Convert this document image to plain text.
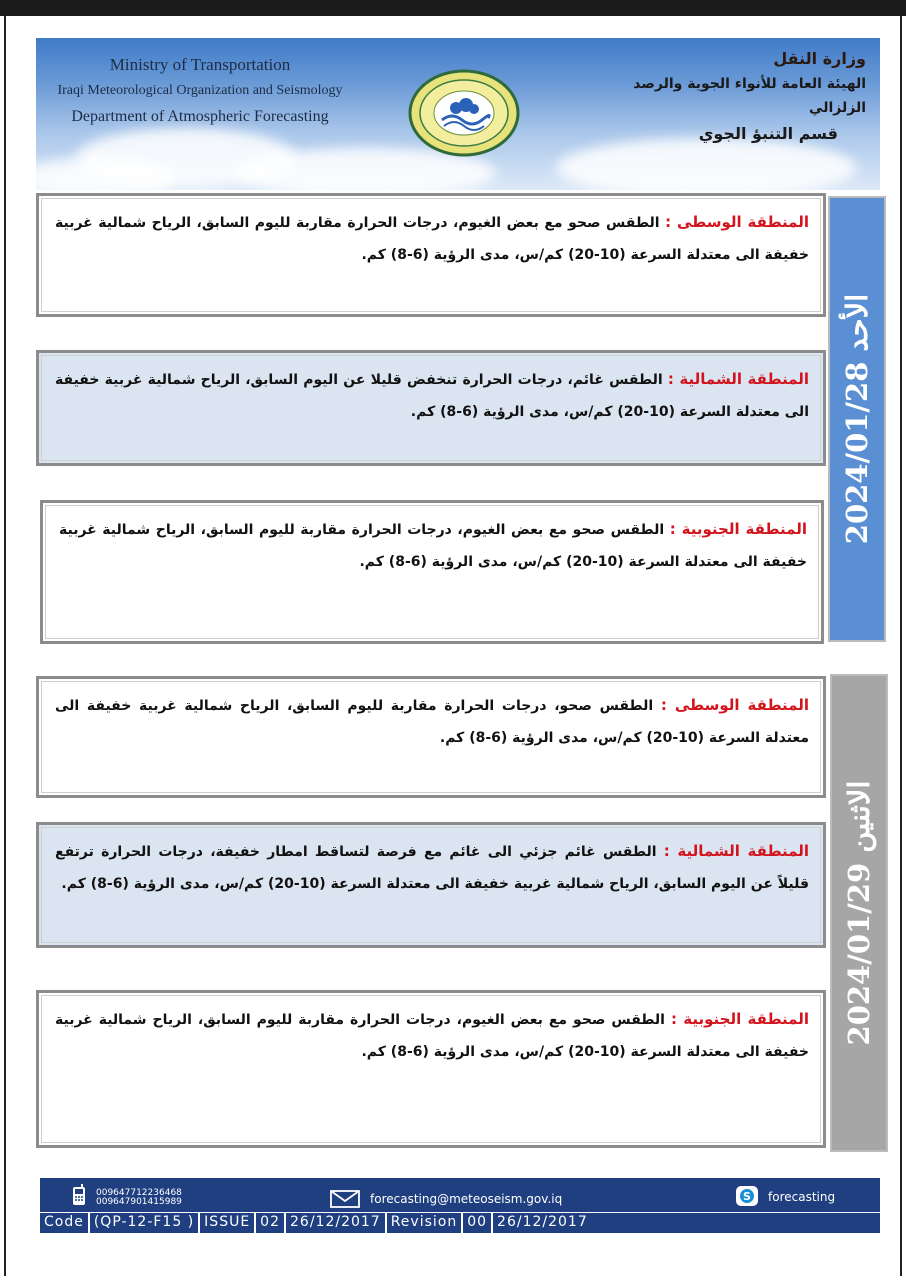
Ministry of Transportation
Iraqi Meteorological Organization and Seismology
Department of Atmospheric Forecasting
وزارة النقل
الهيئة العامة للأنواء الجوية والرصد الزلزالي
قسم التنبؤ الجوي
الأحد 2024/01/28

المنطقة الوسطى : الطقس صحو مع بعض الغيوم، درجات الحرارة مقاربة لليوم السابق، الرياح شمالية غربية خفيفة الى معتدلة السرعة (10-20) كم/س، مدى الرؤية (6-8) كم.

المنطقة الشمالية : الطقس غائم، درجات الحرارة تنخفض قليلا عن اليوم السابق، الرياح شمالية غربية خفيفة الى معتدلة السرعة (10-20) كم/س، مدى الرؤية (6-8) كم.

المنطقة الجنوبية : الطقس صحو مع بعض الغيوم، درجات الحرارة مقاربة لليوم السابق، الرياح شمالية غربية خفيفة الى معتدلة السرعة (10-20) كم/س، مدى الرؤية (6-8) كم.

الاثنين 2024/01/29

المنطقة الوسطى : الطقس صحو، درجات الحرارة مقاربة لليوم السابق، الرياح شمالية غربية خفيفة الى معتدلة السرعة (10-20) كم/س، مدى الرؤية (6-8) كم.

المنطقة الشمالية : الطقس غائم جزئي الى غائم مع فرصة لتساقط امطار خفيفة، درجات الحرارة ترتفع قليلاً عن اليوم السابق، الرياح شمالية غربية خفيفة الى معتدلة السرعة (10-20) كم/س، مدى الرؤية (6-8) كم.

المنطقة الجنوبية : الطقس صحو مع بعض الغيوم، درجات الحرارة مقاربة لليوم السابق، الرياح شمالية غربية خفيفة الى معتدلة السرعة (10-20) كم/س، مدى الرؤية (6-8) كم.

009647712236468
009647901415989	forecasting@meteoseism.gov.iq	S forecasting
Code (QP-12-F15 ) ISSUE 02 26/12/2017 Revision 00 26/12/2017
